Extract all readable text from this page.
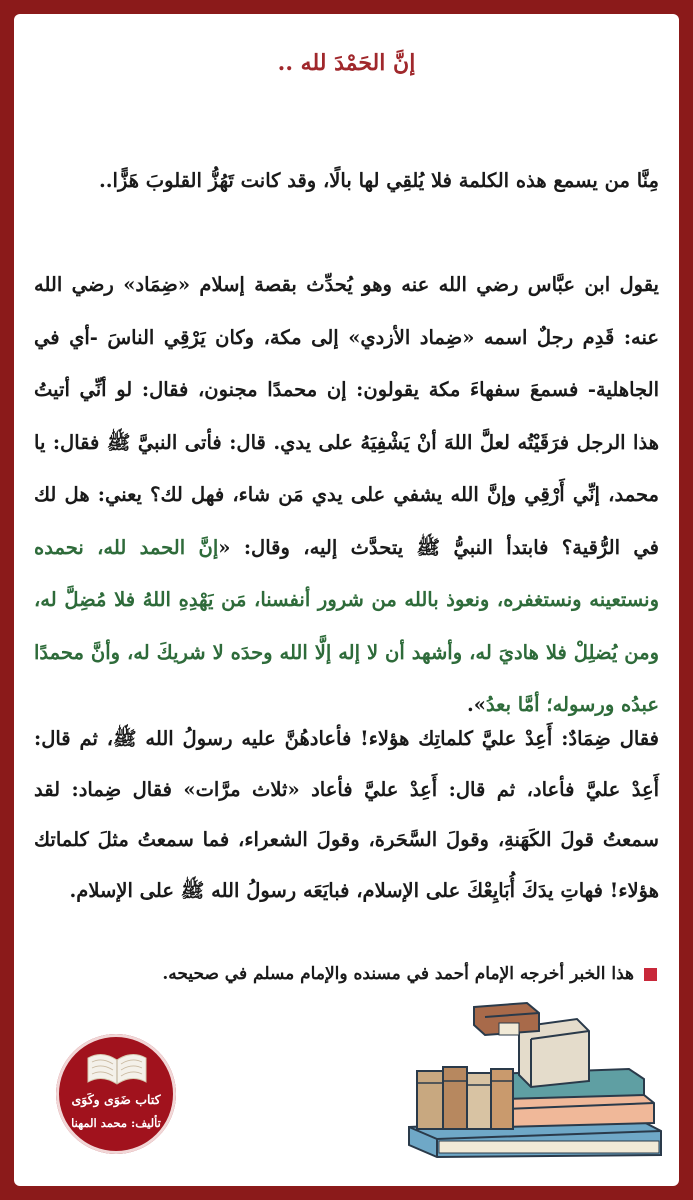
إنَّ الحَمْدَ لله ..
مِنَّا من يسمع هذه الكلمة فلا يُلقِي لها بالًا، وقد كانت تَهُزُّ القلوبَ هَزًّا..
يقول ابن عبَّاس رضي الله عنه وهو يُحدِّث بقصة إسلام «ضِمَاد» رضي الله عنه: قَدِم رجلٌ اسمه «ضِماد الأزدي» إلى مكة، وكان يَرْقِي الناسَ -أي في الجاهلية- فسمعَ سفهاءَ مكة يقولون: إن محمدًا مجنون، فقال: لو أنِّي أتيتُ هذا الرجل فرَقَيْتُه لعلَّ اللهَ أنْ يَشْفِيَهُ على يدي. قال: فأتى النبيَّ ﷺ فقال: يا محمد، إنِّي أَرْقِي وإنَّ الله يشفي على يدي مَن شاء، فهل لك؟ يعني: هل لك في الرُّقية؟ فابتدأ النبيُّ ﷺ يتحدَّث إليه، وقال: «إنَّ الحمد لله، نحمده ونستعينه ونستغفره، ونعوذ بالله من شرور أنفسنا، مَن يَهْدِهِ اللهُ فلا مُضِلَّ له، ومن يُضلِلْ فلا هاديَ له، وأشهد أن لا إله إلَّا الله وحدَه لا شريكَ له، وأنَّ محمدًا عبدُه ورسوله؛ أمَّا بعدُ».
فقال ضِمَادٌ: أَعِدْ عليَّ كلماتِك هؤلاء! فأعادهُنَّ عليه رسولُ الله ﷺ، ثم قال: أَعِدْ عليَّ فأعاد، ثم قال: أَعِدْ عليَّ فأعاد «ثلاث مرَّات» فقال ضِماد: لقد سمعتُ قولَ الكَهَنةِ، وقولَ السَّحَرة، وقولَ الشعراء، فما سمعتُ مثلَ كلماتك هؤلاء! فهاتِ يدَكَ أُبَايِعْكَ على الإسلام، فبايَعَه رسولُ الله ﷺ على الإسلام.
هذا الخبر أخرجه الإمام أحمد في مسنده والإمام مسلم في صحيحه.
كتاب ضَوَى وكَوَى
تأليف: محمد المهنا
